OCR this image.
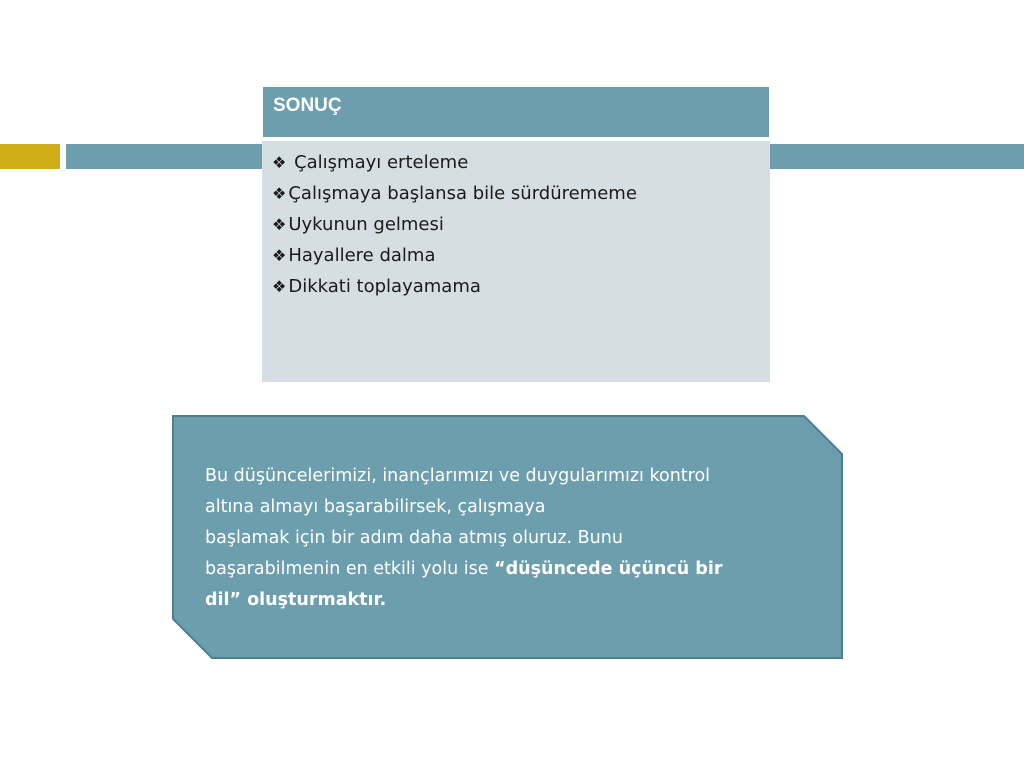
SONUÇ
❖ Çalışmayı erteleme
❖ Çalışmaya başlansa bile sürdürememe
❖ Uykunun gelmesi
❖ Hayallere dalma
❖ Dikkati toplayamama
Bu düşüncelerimizi, inançlarımızı ve duygularımızı kontrol
altına almayı başarabilirsek, çalışmaya
başlamak için bir adım daha atmış oluruz. Bunu
başarabilmenin en etkili yolu ise “düşüncede üçüncü bir
dil” oluşturmaktır.
